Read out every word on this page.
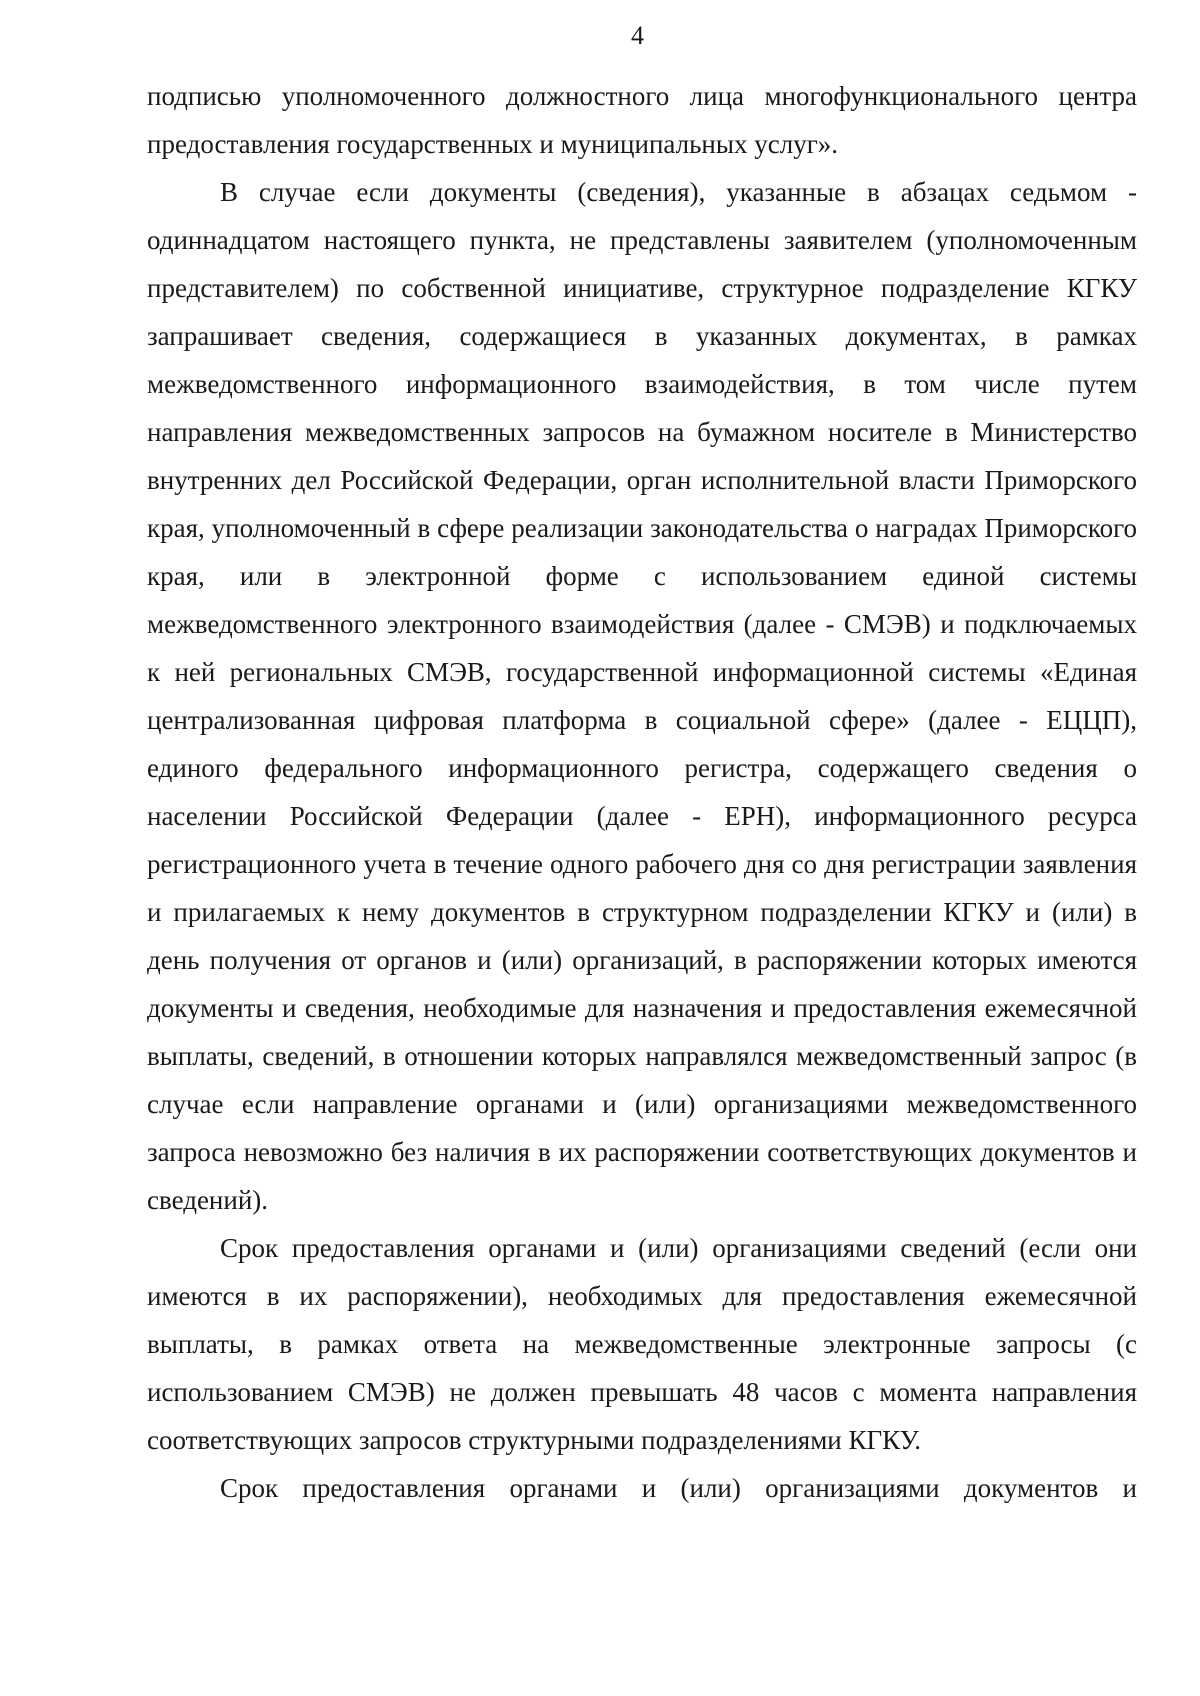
4

подписью уполномоченного должностного лица многофункционального центра предоставления государственных и муниципальных услуг».

В случае если документы (сведения), указанные в абзацах седьмом - одиннадцатом настоящего пункта, не представлены заявителем (уполномоченным представителем) по собственной инициативе, структурное подразделение КГКУ запрашивает сведения, содержащиеся в указанных документах, в рамках межведомственного информационного взаимодействия, в том числе путем направления межведомственных запросов на бумажном носителе в Министерство внутренних дел Российской Федерации, орган исполнительной власти Приморского края, уполномоченный в сфере реализации законодательства о наградах Приморского края, или в электронной форме с использованием единой системы межведомственного электронного взаимодействия (далее - СМЭВ) и подключаемых к ней региональных СМЭВ, государственной информационной системы «Единая централизованная цифровая платформа в социальной сфере» (далее - ЕЦЦП), единого федерального информационного регистра, содержащего сведения о населении Российской Федерации (далее - ЕРН), информационного ресурса регистрационного учета в течение одного рабочего дня со дня регистрации заявления и прилагаемых к нему документов в структурном подразделении КГКУ и (или) в день получения от органов и (или) организаций, в распоряжении которых имеются документы и сведения, необходимые для назначения и предоставления ежемесячной выплаты, сведений, в отношении которых направлялся межведомственный запрос (в случае если направление органами и (или) организациями межведомственного запроса невозможно без наличия в их распоряжении соответствующих документов и сведений).

Срок предоставления органами и (или) организациями сведений (если они имеются в их распоряжении), необходимых для предоставления ежемесячной выплаты, в рамках ответа на межведомственные электронные запросы (с использованием СМЭВ) не должен превышать 48 часов с момента направления соответствующих запросов структурными подразделениями КГКУ.

Срок предоставления органами и (или) организациями документов и
